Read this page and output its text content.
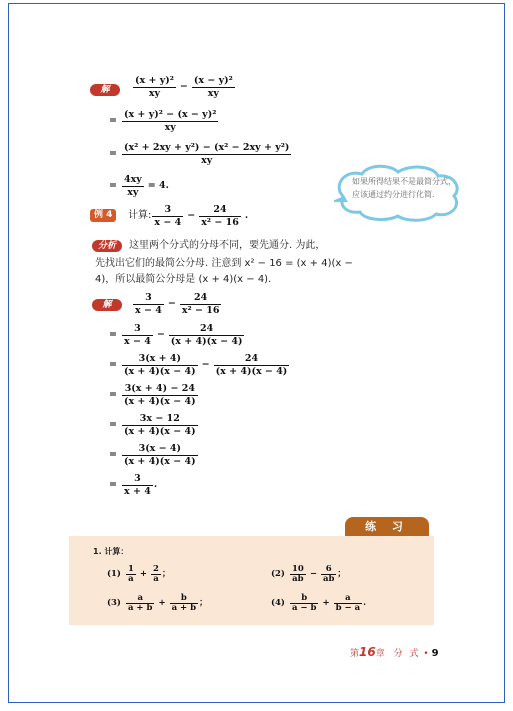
解	$\frac{\text{(x + y)²}}{xy} - \frac{\text{(x − y)²}}{xy}$
= $\frac{\text{(x + y)² − (x − y)²}}{xy}$
= $\frac{\text{(x² + 2xy + y²) − (x² − 2xy + y²)}}{xy}$
= $\frac{4xy}{xy} = 4$.	如果所得结果不是最简分式，应该通过约分进行化简.
例 4	计算: $\frac{3}{x - 4} - \frac{24}{\text{x² − 16}}$ .
分析	这里两个分式的分母不同，要先通分. 为此，
先找出它们的最简公分母. 注意到 x² − 16 = (x + 4)(x −
4)，所以最简公分母是 (x + 4)(x − 4).
解	$\frac{3}{x - 4} - \frac{24}{\text{x² − 16}}$
= $\frac{3}{x - 4} - \frac{24}{(x + 4)(x - 4)}$
= $\frac{3(x + 4)}{(x + 4)(x - 4)} - \frac{24}{(x + 4)(x - 4)}$
= $\frac{3(x + 4) - 24}{(x + 4)(x - 4)}$
= $\frac{3x - 12}{(x + 4)(x - 4)}$
= $\frac{3(x - 4)}{(x + 4)(x - 4)}$
= $\frac{3}{x + 4}$ .
练 习
1. 计算：
$(1) \frac{1}{a} + \frac{2}{a}$ ；	$(2) \frac{10}{ab} - \frac{6}{ab}$ ；
$(3) \frac{a}{a + b} + \frac{b}{a + b}$ ；	$(4) \frac{b}{a - b} + \frac{a}{b - a}$ .
第16章 分 式 • 9
